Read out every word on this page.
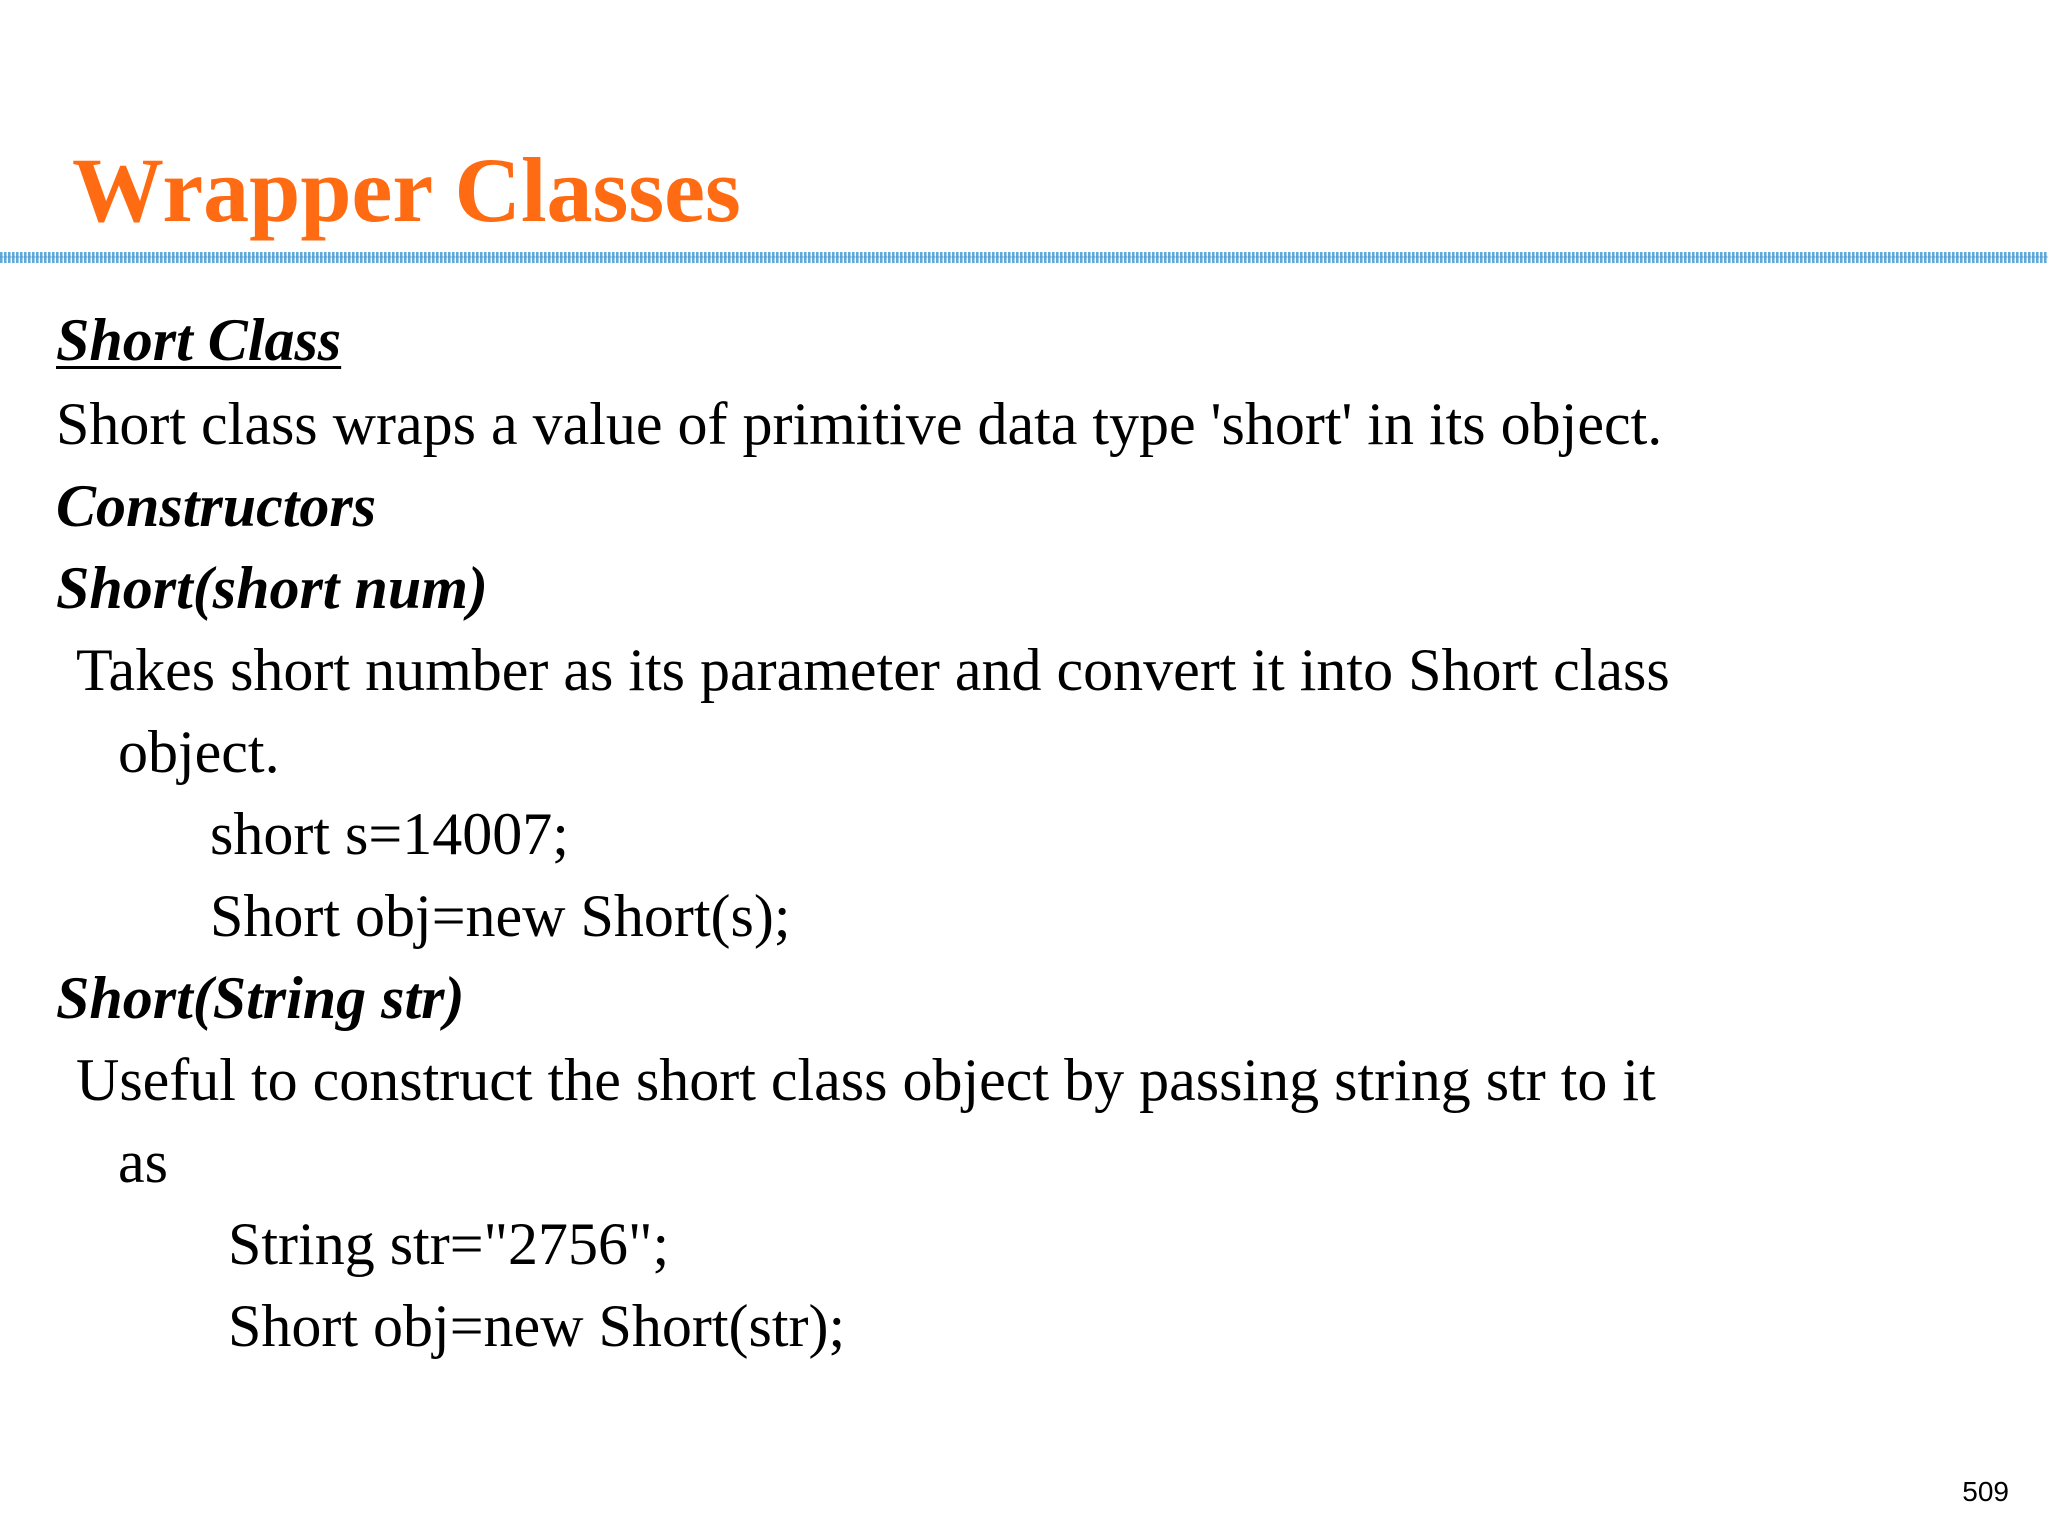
Wrapper Classes
Short Class
Short class wraps a value of primitive data type 'short' in its object.
Constructors
Short(short num)
Takes short number as its parameter and convert it into Short class
object.
short s=14007;
Short obj=new Short(s);
Short(String str)
Useful to construct the short class object by passing string str to it
as
String str="2756";
Short obj=new Short(str);
509
